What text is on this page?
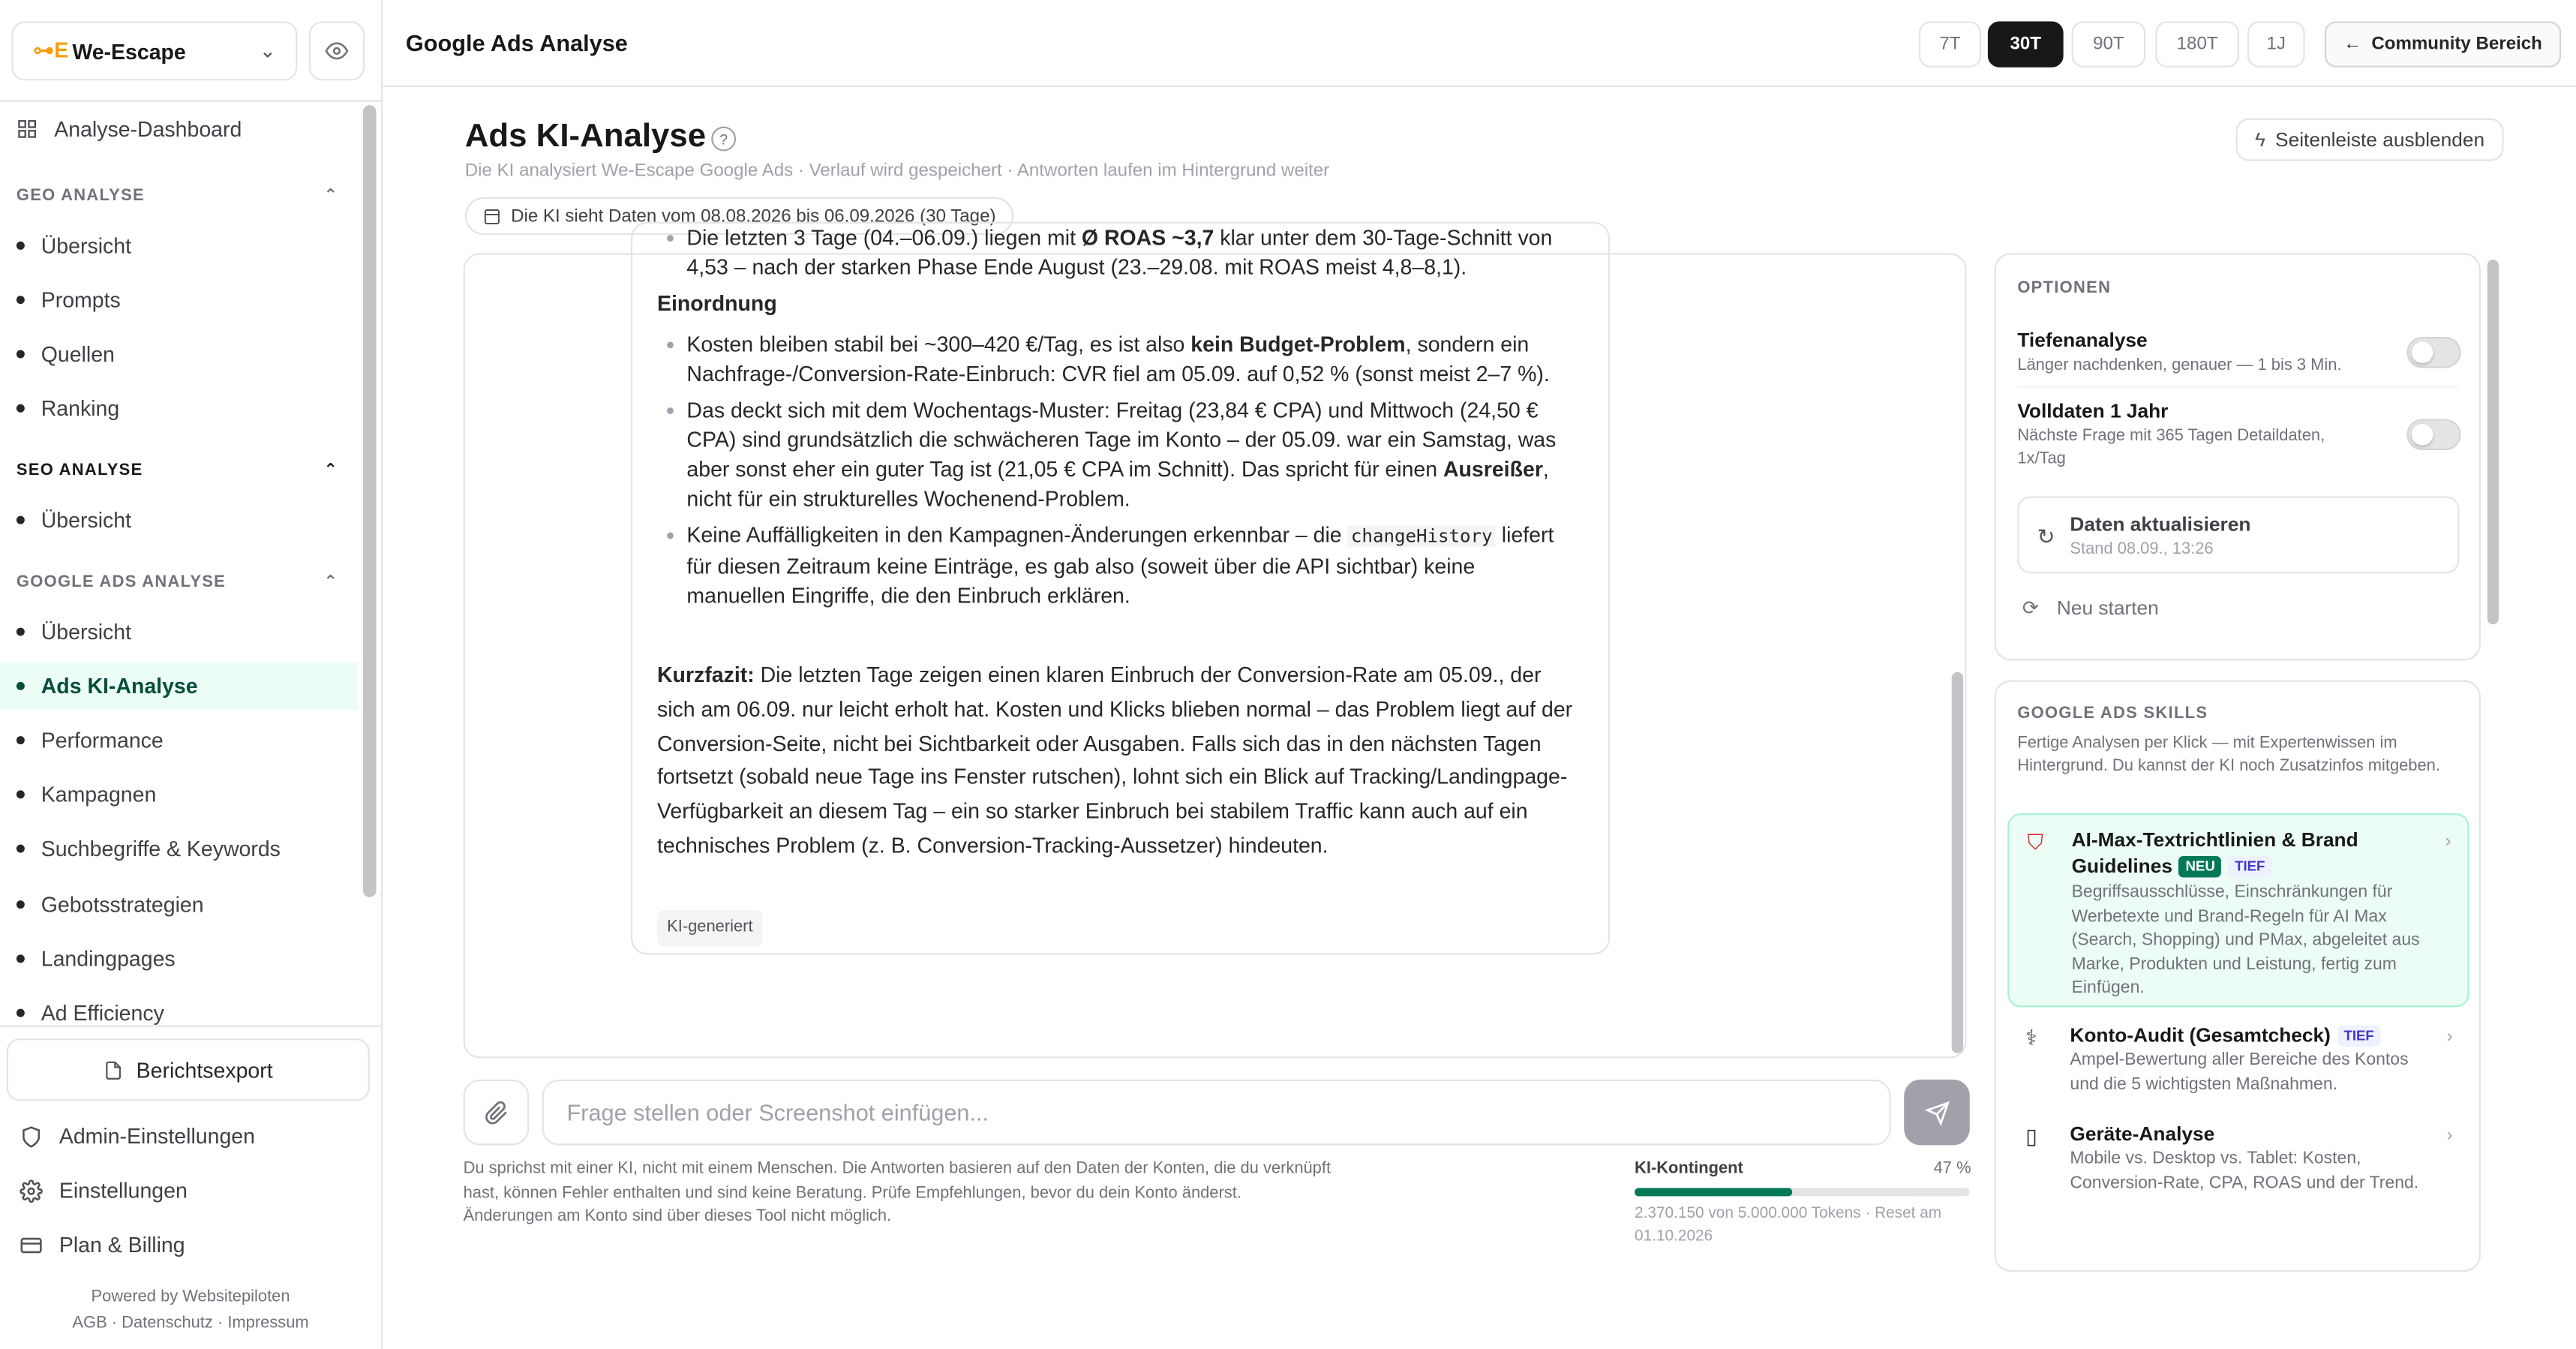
⊶E We-Escape	⌄
Analyse-Dashboard
GEO ANALYSE	⌃
Übersicht
Prompts
Quellen
Ranking
SEO ANALYSE	⌃
Übersicht
GOOGLE ADS ANALYSE	⌃
Übersicht
Ads KI-Analyse
Performance
Kampagnen
Suchbegriffe & Keywords
Gebotsstrategien
Landingpages
Ad Efficiency
Berichtsexport
Admin-Einstellungen
Einstellungen
Plan & Billing
Powered by Websitepiloten
AGB · Datenschutz · Impressum
Google Ads Analyse	7T	30T	90T	180T	1J	← Community Bereich
Ads KI-Analyse	?
Die KI analysiert We-Escape Google Ads · Verlauf wird gespeichert · Antworten laufen im Hintergrund weiter
Die KI sieht Daten vom 08.08.2026 bis 06.09.2026 (30 Tage)
ϟ Seitenleiste ausblenden
Die letzten 3 Tage (04.–06.09.) liegen mit Ø ROAS ~3,7 klar unter dem 30-Tage-Schnitt von 4,53 – nach der starken Phase Ende August (23.–29.08. mit ROAS meist 4,8–8,1).
Einordnung
Kosten bleiben stabil bei ~300–420 €/Tag, es ist also kein Budget-Problem, sondern ein Nachfrage-/Conversion-Rate-Einbruch: CVR fiel am 05.09. auf 0,52 % (sonst meist 2–7 %).
Das deckt sich mit dem Wochentags-Muster: Freitag (23,84 € CPA) und Mittwoch (24,50 € CPA) sind grundsätzlich die schwächeren Tage im Konto – der 05.09. war ein Samstag, was aber sonst eher ein guter Tag ist (21,05 € CPA im Schnitt). Das spricht für einen Ausreißer, nicht für ein strukturelles Wochenend-Problem.
Keine Auffälligkeiten in den Kampagnen-Änderungen erkennbar – die changeHistory liefert für diesen Zeitraum keine Einträge, es gab also (soweit über die API sichtbar) keine manuellen Eingriffe, die den Einbruch erklären.
Kurzfazit: Die letzten Tage zeigen einen klaren Einbruch der Conversion-Rate am 05.09., der sich am 06.09. nur leicht erholt hat. Kosten und Klicks blieben normal – das Problem liegt auf der Conversion-Seite, nicht bei Sichtbarkeit oder Ausgaben. Falls sich das in den nächsten Tagen fortsetzt (sobald neue Tage ins Fenster rutschen), lohnt sich ein Blick auf Tracking/Landingpage-Verfügbarkeit an diesem Tag – ein so starker Einbruch bei stabilem Traffic kann auch auf ein technisches Problem (z. B. Conversion-Tracking-Aussetzer) hindeuten.
KI-generiert
Frage stellen oder Screenshot einfügen...
Du sprichst mit einer KI, nicht mit einem Menschen. Die Antworten basieren auf den Daten der Konten, die du verknüpft hast, können Fehler enthalten und sind keine Beratung. Prüfe Empfehlungen, bevor du dein Konto änderst. Änderungen am Konto sind über dieses Tool nicht möglich.
KI-Kontingent	47 %
2.370.150 von 5.000.000 Tokens · Reset am 01.10.2026
OPTIONEN
Tiefenanalyse
Länger nachdenken, genauer — 1 bis 3 Min.
Volldaten 1 Jahr
Nächste Frage mit 365 Tagen Detaildaten, 1x/Tag
↻
Daten aktualisieren
Stand 08.09., 13:26
⟳	Neu starten
GOOGLE ADS SKILLS
Fertige Analysen per Klick — mit Expertenwissen im Hintergrund. Du kannst der KI noch Zusatzinfos mitgeben.
⛉	AI-Max-Textrichtlinien & Brand Guidelines NEU	TIEF
Begriffsausschlüsse, Einschränkungen für Werbetexte und Brand-Regeln für AI Max (Search, Shopping) und PMax, abgeleitet aus Marke, Produkten und Leistung, fertig zum Einfügen.
›
⚕	Konto-Audit (Gesamtcheck) TIEF
Ampel-Bewertung aller Bereiche des Kontos und die 5 wichtigsten Maßnahmen.
›
▯	Geräte-Analyse
Mobile vs. Desktop vs. Tablet: Kosten, Conversion-Rate, CPA, ROAS und der Trend.
›
